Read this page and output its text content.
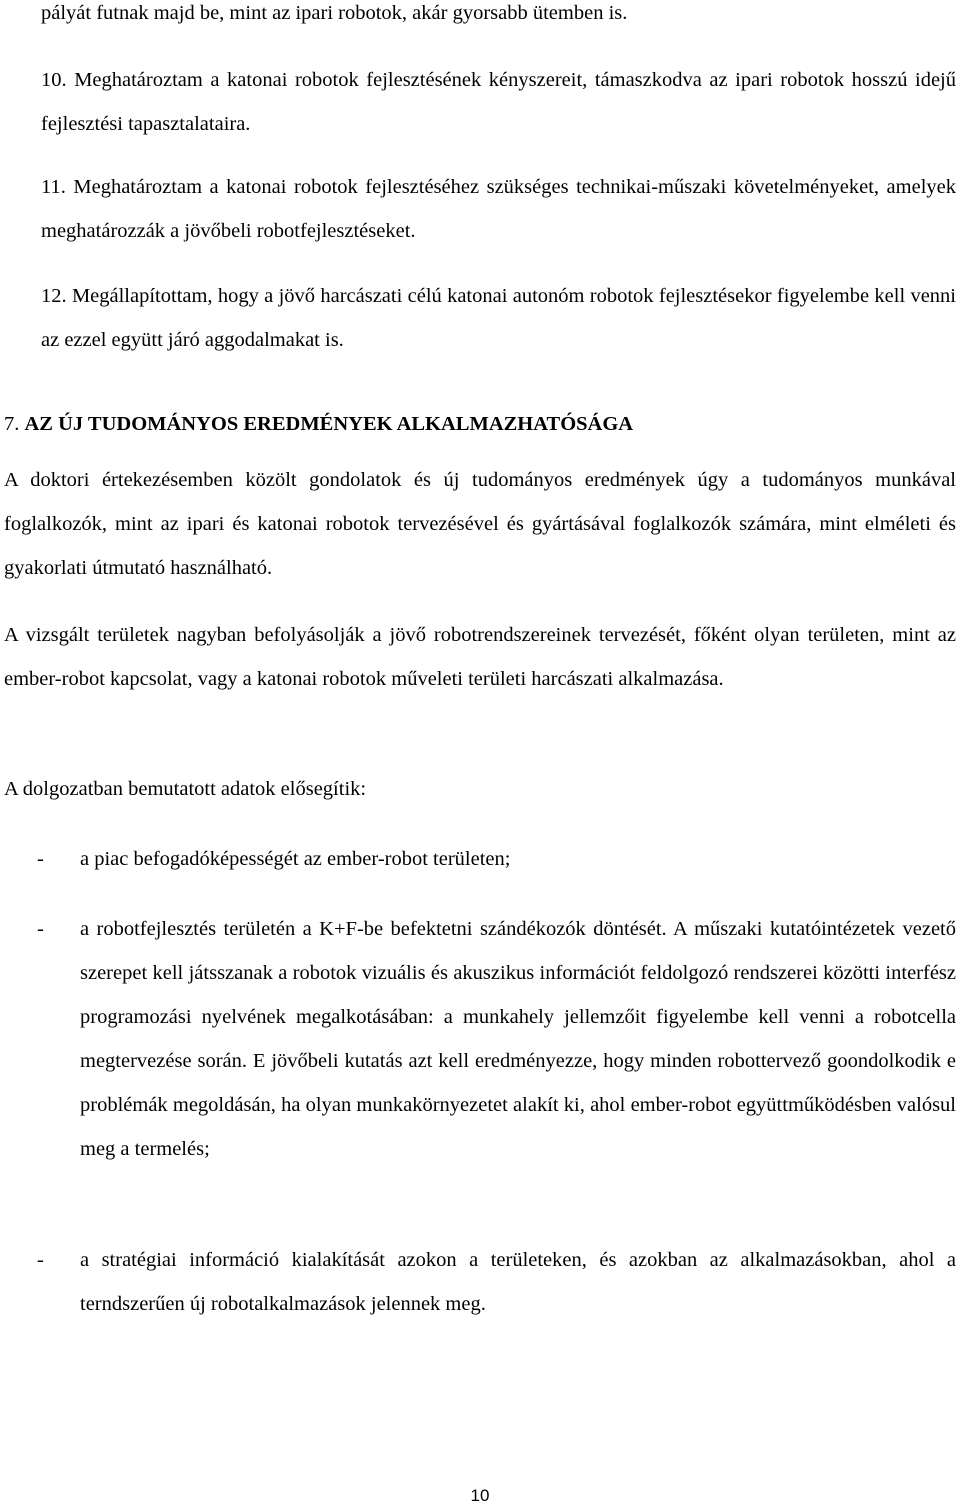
pályát futnak majd be, mint az ipari robotok, akár gyorsabb ütemben is.
10. Meghatároztam a katonai robotok fejlesztésének kényszereit, támaszkodva az ipari robotok hosszú idejű fejlesztési tapasztalataira.
11. Meghatároztam a katonai robotok fejlesztéséhez szükséges technikai-műszaki követelményeket, amelyek meghatározzák a jövőbeli robotfejlesztéseket.
12. Megállapítottam, hogy a jövő harcászati célú katonai autonóm robotok fejlesztésekor figyelembe kell venni az ezzel együtt járó aggodalmakat is.
7. AZ ÚJ TUDOMÁNYOS EREDMÉNYEK ALKALMAZHATÓSÁGA
A doktori értekezésemben közölt gondolatok és új tudományos eredmények úgy a tudományos munkával foglalkozók, mint az ipari és katonai robotok tervezésével és gyártásával foglalkozók számára, mint elméleti és gyakorlati útmutató használható.
A vizsgált területek nagyban befolyásolják a jövő robotrendszereinek tervezését, főként olyan területen, mint az ember-robot kapcsolat, vagy a katonai robotok műveleti területi harcászati alkalmazása.
A dolgozatban bemutatott adatok elősegítik:
- a piac befogadóképességét az ember-robot területen;
- a robotfejlesztés területén a K+F-be befektetni szándékozók döntését. A műszaki kutatóintézetek vezető szerepet kell játsszanak a robotok vizuális és akuszikus információt feldolgozó rendszerei közötti interfész programozási nyelvének megalkotásában: a munkahely jellemzőit figyelembe kell venni a robotcella megtervezése során. E jövőbeli kutatás azt kell eredményezze, hogy minden robottervező goondolkodik e problémák megoldásán, ha olyan munkakörnyezetet alakít ki, ahol ember-robot együttműködésben valósul meg a termelés;
- a stratégiai információ kialakítását azokon a területeken, és azokban az alkalmazásokban, ahol a terndszerűen új robotalkalmazások jelennek meg.
10
